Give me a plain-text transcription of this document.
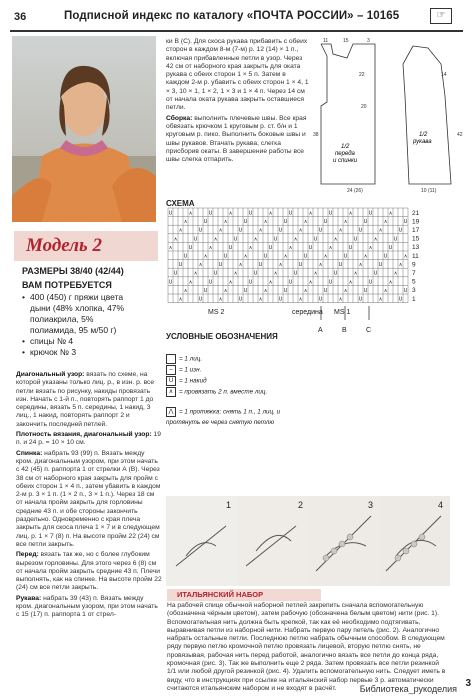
36	Подписной индекс по каталогу «ПОЧТА РОССИИ» – 10165	☞
Модель 2
РАЗМЕРЫ 38/40 (42/44)
ВАМ ПОТРЕБУЕТСЯ
• 400 (450) г пряжи цвета дыни (48% хлопка, 47% полиакрила, 5% полиамида, 95 м/50 г)
• спицы № 4
• крючок № 3

Диагональный узор: вязать по схеме, на которой указаны только лиц. р., в изн. р. все петли вязать по рисунку, накиды провязать изн. Начать с 1-й п., повторять раппорт 1 до середины, вязать 5 п. середины, 1 накид, 3 лиц., 1 накид, повторять раппорт 2 и закончить последней петлей.

Плотность вязания, диагональный узор: 19 п. и 24 р. = 10 × 10 см.

Спинка: набрать 93 (99) п. Вязать между кром. диагональным узором, при этом начать с 42 (45) п. раппорта 1 от стрелки А (В). Через 38 см от наборного края закрыть для пройм с обеих сторон 1 × 4 п., затем убавить в каждом 2-м р. 3 × 1 п. (1 × 2 п., 3 × 1 п.). Через 18 см от начала пройм закрыть для горловины средние 43 п. и обе стороны закончить раздельно. Одновременно с края плеча закрыть для скоса плеча 1 × 7 и в следующем лиц. р. 1 × 7 (8) п. На высоте пройм 22 (24) см все петли закрыть.

Перед: вязать так же, но с более глубоким вырезом горловины. Для этого через 6 (8) см от начала пройм закрыть средние 43 п. Плечи выполнять, как на спинке. На высоте пройм 22 (24) см все петли закрыть.

Рукава: набрать 39 (43) п. Вязать между кром. диагональным узором, при этом начать с 15 (17) п. раппорта 1 от стрел-

ки В (С). Для скоса рукава прибавить с обеих сторон в каждом 8-м (7-м) р. 12 (14) × 1 п., включая прибавленные петли в узор. Через 42 см от наборного края закрыть для оката рукава с обеих сторон 1 × 5 п. Затем в каждом 2-м р. убавить с обеих сторон 1 × 4, 1 × 3, 10 × 1, 1 × 2, 1 × 3 и 1 × 4 п. Через 14 см от начала оката рукава закрыть оставшиеся петли.

Сборка: выполнить плечевые швы. Все края обвязать крючком 1 круговым р. ст. б/н и 1 круговым р. пико. Выполнить боковые швы и швы рукавов. Втачать рукава, слегка присборив окаты. В завершение работы все швы слегка отпарить.

1/2 переда и спинки
1/2 рукава
11	15	3
22
20
38
24 (26)
14
42
10 (11)
СХЕМА
U	∧	U	∧	U	∧	U	∧	U	∧	U	∧
∧	U	∧	U	∧	U	∧	U	∧	U	∧	U
∧	U	∧	U	∧	U	∧	U	∧	U	∧	U
∧	U	∧	U	∧	U	∧	U	∧	U	∧	U
∧	U	∧	U	∧	U	∧	U	∧	U	∧	U
U	∧	U	∧	U	∧	U	∧	U	∧	U	∧
U	∧	U	∧	U	∧	U	∧	U	∧	U	∧
U	∧	U	∧	U	∧	U	∧	U	∧	U	∧
U	∧	U	∧	U	∧	U	∧	U	∧	U	∧
∧	U	∧	U	∧	U	∧	U	∧	U	∧	U
∧	U	∧	U	∧	U	∧	U	∧	U	∧	U
21
19
17
15
13
11
9
7
5
3
1
MS 2	середина MS 1
A	B	C
УСЛОВНЫЕ ОБОЗНАЧЕНИЯ
= 1 лиц.
– = 1 изн.
U = 1 накид
∧ = провязать 2 п. вместе лиц.
⋀ = 1 протяжка: снять 1 п., 1 лиц. и протянуть ее через снятую петлю
1	2	3	4
ИТАЛЬЯНСКИЙ НАБОР
На рабочей спице обычной наборной петлей закрепить сначала вспомогательную (обозначена чёрным цветом), затем рабочую (обозначена белым цветом) нити (рис. 1). Вспомогательная нить должна быть крепкой, так как её необходимо подтягивать, выравнивая петли из наборной нити. Набрать первую пару петель (рис. 2). Аналогично набрать остальные петли. Последнюю петлю набрать обычным способом. В следующем ряду первую петлю кромочной петлю провязать лицевой, вторую петлю снять, не провязывая, рабочая нить перед работой, аналогично вязать все петли до конца ряда, кромочная (рис. 3). Так же выполнить еще 2 ряда. Затем провязать все петли резинкой 1/1 или любой другой резинкой (рис. 4). Удалить вспомогательную нить. Следует иметь в виду, что в инструкциях при ссылке на итальянский набор первые 3 р. автоматически считаются итальянским набором и не входят в расчёт.	3
Библиотека_рукоделия
